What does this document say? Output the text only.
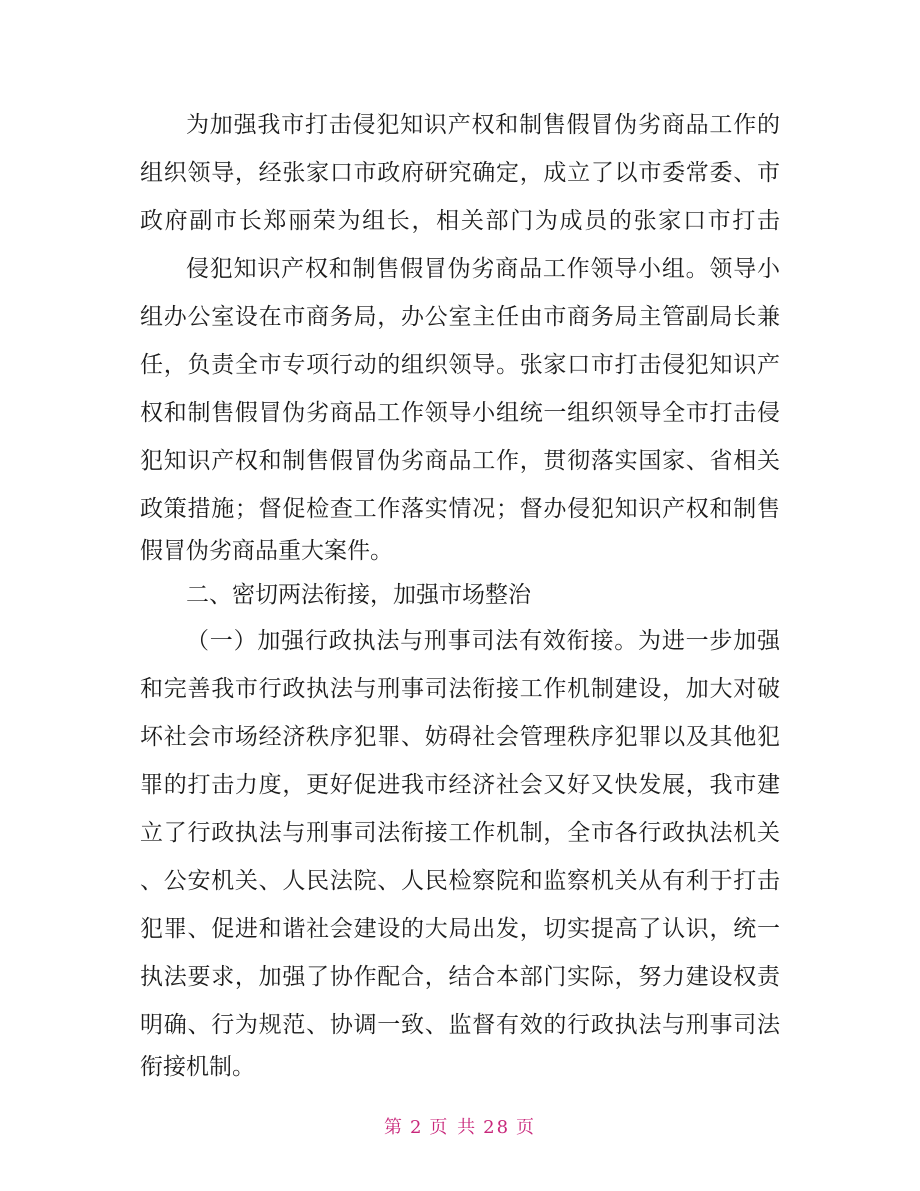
为加强我市打击侵犯知识产权和制售假冒伪劣商品工作的
组织领导，经张家口市政府研究确定，成立了以市委常委、市
政府副市长郑丽荣为组长，相关部门为成员的张家口市打击
侵犯知识产权和制售假冒伪劣商品工作领导小组。领导小
组办公室设在市商务局，办公室主任由市商务局主管副局长兼
任，负责全市专项行动的组织领导。张家口市打击侵犯知识产
权和制售假冒伪劣商品工作领导小组统一组织领导全市打击侵
犯知识产权和制售假冒伪劣商品工作，贯彻落实国家、省相关
政策措施；督促检查工作落实情况；督办侵犯知识产权和制售
假冒伪劣商品重大案件。
二、密切两法衔接，加强市场整治
（一）加强行政执法与刑事司法有效衔接。为进一步加强
和完善我市行政执法与刑事司法衔接工作机制建设，加大对破
坏社会市场经济秩序犯罪、妨碍社会管理秩序犯罪以及其他犯
罪的打击力度，更好促进我市经济社会又好又快发展，我市建
立了行政执法与刑事司法衔接工作机制，全市各行政执法机关
、公安机关、人民法院、人民检察院和监察机关从有利于打击
犯罪、促进和谐社会建设的大局出发，切实提高了认识，统一
执法要求，加强了协作配合，结合本部门实际，努力建设权责
明确、行为规范、协调一致、监督有效的行政执法与刑事司法
衔接机制。
第 2 页 共 28 页
